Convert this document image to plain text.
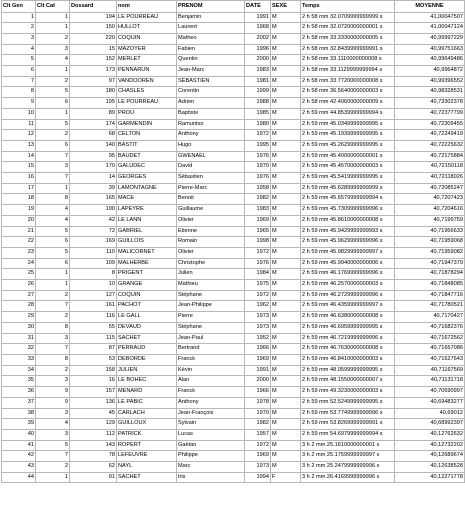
Clt Gen	Clt Cat	Dossard	nom	PRENOM	DATE	SEXE	Temps	MOYENNE
1	1	194	LE POURREAU	Benjamin	1991	M	2 h 58 mm 32.0709999999999 s	41,00047507
2	1	150	HULLOT	Laurent	1968	M	2 h 58 mm 32.0720000000001 s	41,00047124
3	2	220	COQUIN	Matheo	2002	M	2 h 58 mm 33.3330000000005 s	40,99997229
4	3	15	MAZOYER	Fabien	1996	M	2 h 58 mm 32.8439999999991 s	40,99751663
5	4	152	MERLET	Quentin	2000	M	2 h 58 mm 33.1110000000008 s	40,99649486
6	1	173	PENNARUN	Jean-Marc	1983	M	2 h 58 mm 33.1129999999994 s	40,9964872
7	2	97	VANDOOREN	SÉBASTIEN	1981	M	2 h 58 mm 33.7720000000008 s	40,99396552
8	5	180	CHASLES	Corentin	1999	M	2 h 58 mm 36.5640000000003 s	40,98328531
9	6	195	LE POURREAU	Adrien	1988	M	2 h 58 mm 42.4060000000009 s	40,73302378
10	1	89	PROU	Baptiste	1985	M	2 h 59 mm 44.8539999999994 s	40,72377799
11	5	174	GARMENDIN	Ramuntxo	1980	M	2 h 59 mm 45.0349999999995 s	40,72309455
12	2	68	CELTON	Anthony	1972	M	2 h 59 mm 45.1939999999995 s	40,72249419
13	6	140	BASTIT	Hugo	1995	M	2 h 59 mm 45.2629999999995 s	40,72225632
14	7	95	BAUDET	GWENAEL	1976	M	2 h 59 mm 45.4000000000001 s	40,72175884
15	3	170	GALUDEC	David	1970	M	2 h 59 mm 45.4570000000003 s	40,72150118
16	7	14	GEORGES	Sébastien	1976	M	2 h 59 mm 45.5419999999995 s	40,72118026
17	1	39	LAMONTAGNE	Pierre-Marc	1958	M	2 h 59 mm 45.6289999999999 s	40,72085247
18	8	165	MACE	Benoit	1982	M	2 h 59 mm 45.6579999999994 s	40,7207423
19	4	100	LAPEYRE	Guillaume	1983	M	2 h 59 mm 45.7309999999996 s	40,7204616
20	4	42	LE LANN	Olivier	1969	M	2 h 59 mm 45.8610000000008 s	40,7199759
21	5	72	GABRIEL	Etienne	1965	M	2 h 59 mm 45.9429999999993 s	40,71966633
22	6	169	GUILLOIS	Romain	1998	M	2 h 59 mm 45.9629999999996 s	40,71959068
23	5	110	MALICORNET	Olivier	1972	M	2 h 59 mm 45.9829999999997 s	40,71959082
24	6	109	MALHERBE	Christophe	1976	M	2 h 59 mm 45.9940000000006 s	40,71947379
25	1	8	PRIGENT	Julien	1984	M	2 h 59 mm 46.1769999999996 s	40,71878294
26	1	10	GRANGE	Mathieu	1975	M	2 h 59 mm 46.2570000000003 s	40,71848085
27	2	127	COQUIN	Stéphane	1972	M	2 h 59 mm 46.2729999999996 s	40,71847716
28	7	161	PACHOT	Jean-Philippe	1962	M	2 h 59 mm 46.4359999999997 s	40,71780521
29	2	116	LE GALL	Pierre	1973	M	2 h 59 mm 46.6380000000008 s	40,7170427
30	8	55	DEVAUD	Stéphane	1973	M	2 h 59 mm 46.6959999999995 s	40,71682376
31	3	115	SACHET	Jean-Paul	1952	M	2 h 59 mm 46.7219999999996 s	40,71672562
32	7	87	PERRAUD	Bertrand	1966	M	2 h 59 mm 46.7630000000008 s	40,71657086
33	8	53	DEBORDE	Franck	1969	M	2 h 59 mm 46.8410000000003 s	40,71627643
34	2	158	JULIEN	Kévin	1991	M	2 h 59 mm 48.0599999999995 s	40,71167569
35	3	16	LE BOHEC	Alan	2000	M	2 h 59 mm 48.1550000000007 s	40,71131718
36	9	157	MENARD	Franck	1966	M	2 h 59 mm 49.3230000000003 s	40,70690997
37	9	136	LE PABIC	Anthony	1978	M	2 h 59 mm 52.5249999999995 s	40,69483277
38	3	45	CARLACH	Jean-François	1970	M	2 h 59 mm 53.7749999999996 s	40,69012
39	4	129	GUILLOUX	Sylvain	1982	M	2 h 59 mm 53.8269999999991 s	40,68992397
40	3	112	PATRICK	Lucas	1957	M	2 h 59 mm 54.6979999999994 s	40,12762632
41	5	143	ROPERT	Gaëtan	1972	M	3 h 2 mm 25.1610000000001 s	40,12732202
42	7	78	LEFEUVRE	Philippe	1969	M	3 h 2 mm 25.1759999999997 s	40,12689674
43	2	62	NAYL	Marc	1973	M	3 h 2 mm 25.2479999999996 s	40,12638528
44	1	91	SACHET	Iris	1994	F	3 h 2 mm 26.4169999999996 s	40,12271778
